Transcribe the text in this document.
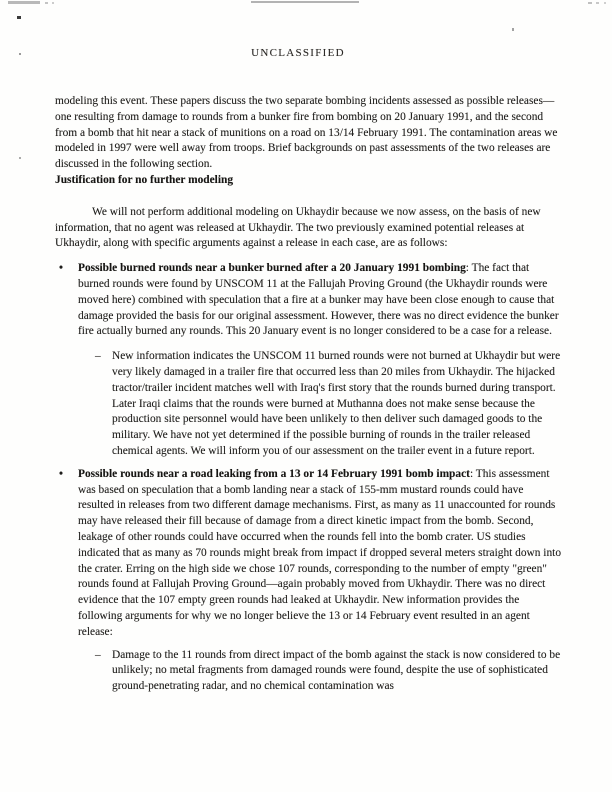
UNCLASSIFIED

modeling this event. These papers discuss the two separate bombing incidents assessed as possible releases—one resulting from damage to rounds from a bunker fire from bombing on 20 January 1991, and the second from a bomb that hit near a stack of munitions on a road on 13/14 February 1991. The contamination areas we modeled in 1997 were well away from troops. Brief backgrounds on past assessments of the two releases are discussed in the following section.

Justification for no further modeling

We will not perform additional modeling on Ukhaydir because we now assess, on the basis of new information, that no agent was released at Ukhaydir. The two previously examined potential releases at Ukhaydir, along with specific arguments against a release in each case, are as follows:

•	Possible burned rounds near a bunker burned after a 20 January 1991 bombing: The fact that burned rounds were found by UNSCOM 11 at the Fallujah Proving Ground (the Ukhaydir rounds were moved here) combined with speculation that a fire at a bunker may have been close enough to cause that damage provided the basis for our original assessment. However, there was no direct evidence the bunker fire actually burned any rounds. This 20 January event is no longer considered to be a case for a release.

– New information indicates the UNSCOM 11 burned rounds were not burned at Ukhaydir but were very likely damaged in a trailer fire that occurred less than 20 miles from Ukhaydir. The hijacked tractor/trailer incident matches well with Iraq's first story that the rounds burned during transport. Later Iraqi claims that the rounds were burned at Muthanna does not make sense because the production site personnel would have been unlikely to then deliver such damaged goods to the military. We have not yet determined if the possible burning of rounds in the trailer released chemical agents. We will inform you of our assessment on the trailer event in a future report.

•	Possible rounds near a road leaking from a 13 or 14 February 1991 bomb impact: This assessment was based on speculation that a bomb landing near a stack of 155-mm mustard rounds could have resulted in releases from two different damage mechanisms. First, as many as 11 unaccounted for rounds may have released their fill because of damage from a direct kinetic impact from the bomb. Second, leakage of other rounds could have occurred when the rounds fell into the bomb crater. US studies indicated that as many as 70 rounds might break from impact if dropped several meters straight down into the crater. Erring on the high side we chose 107 rounds, corresponding to the number of empty "green" rounds found at Fallujah Proving Ground—again probably moved from Ukhaydir. There was no direct evidence that the 107 empty green rounds had leaked at Ukhaydir. New information provides the following arguments for why we no longer believe the 13 or 14 February event resulted in an agent release:

– Damage to the 11 rounds from direct impact of the bomb against the stack is now considered to be unlikely; no metal fragments from damaged rounds were found, despite the use of sophisticated ground-penetrating radar, and no chemical contamination was
